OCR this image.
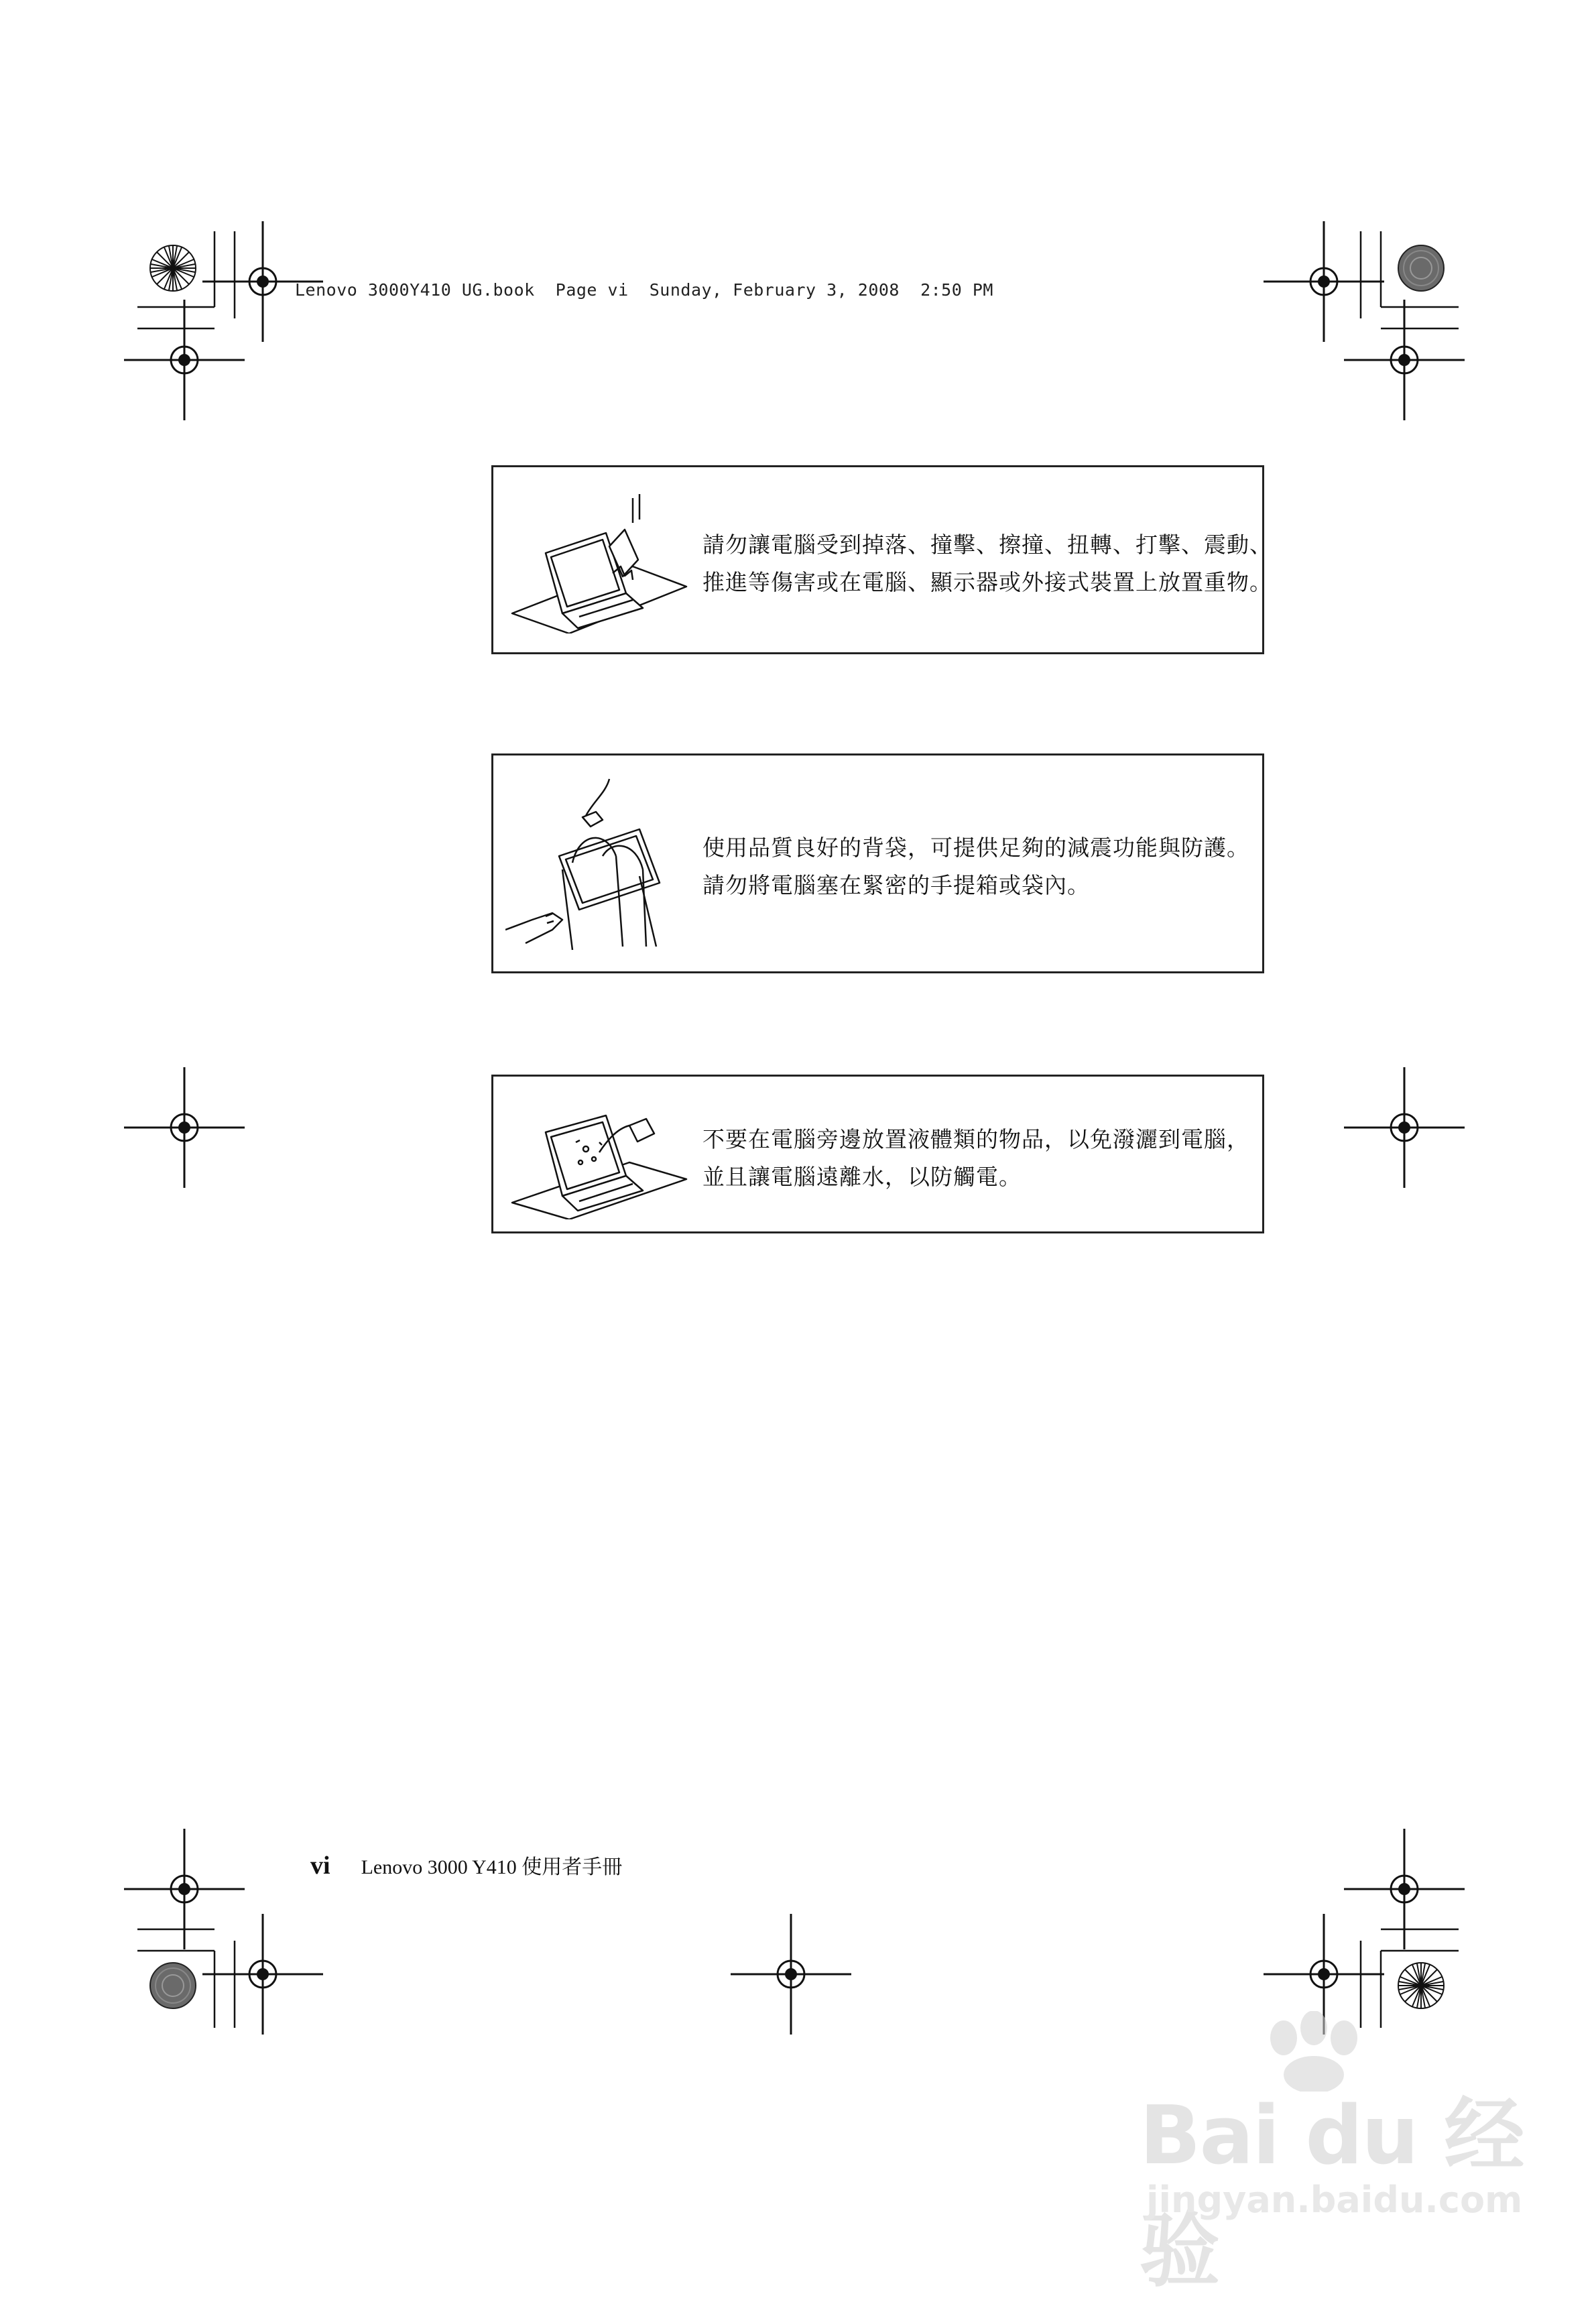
Lenovo 3000Y410 UG.book  Page vi  Sunday, February 3, 2008  2:50 PM
請勿讓電腦受到掉落、撞擊、擦撞、扭轉、打擊、震動、
推進等傷害或在電腦、顯示器或外接式裝置上放置重物。
使用品質良好的背袋，可提供足夠的減震功能與防護。
請勿將電腦塞在緊密的手提箱或袋內。
不要在電腦旁邊放置液體類的物品，以免潑灑到電腦，
並且讓電腦遠離水，以防觸電。
vi Lenovo 3000 Y410 使用者手冊
Bai du 经验
jingyan.baidu.com
